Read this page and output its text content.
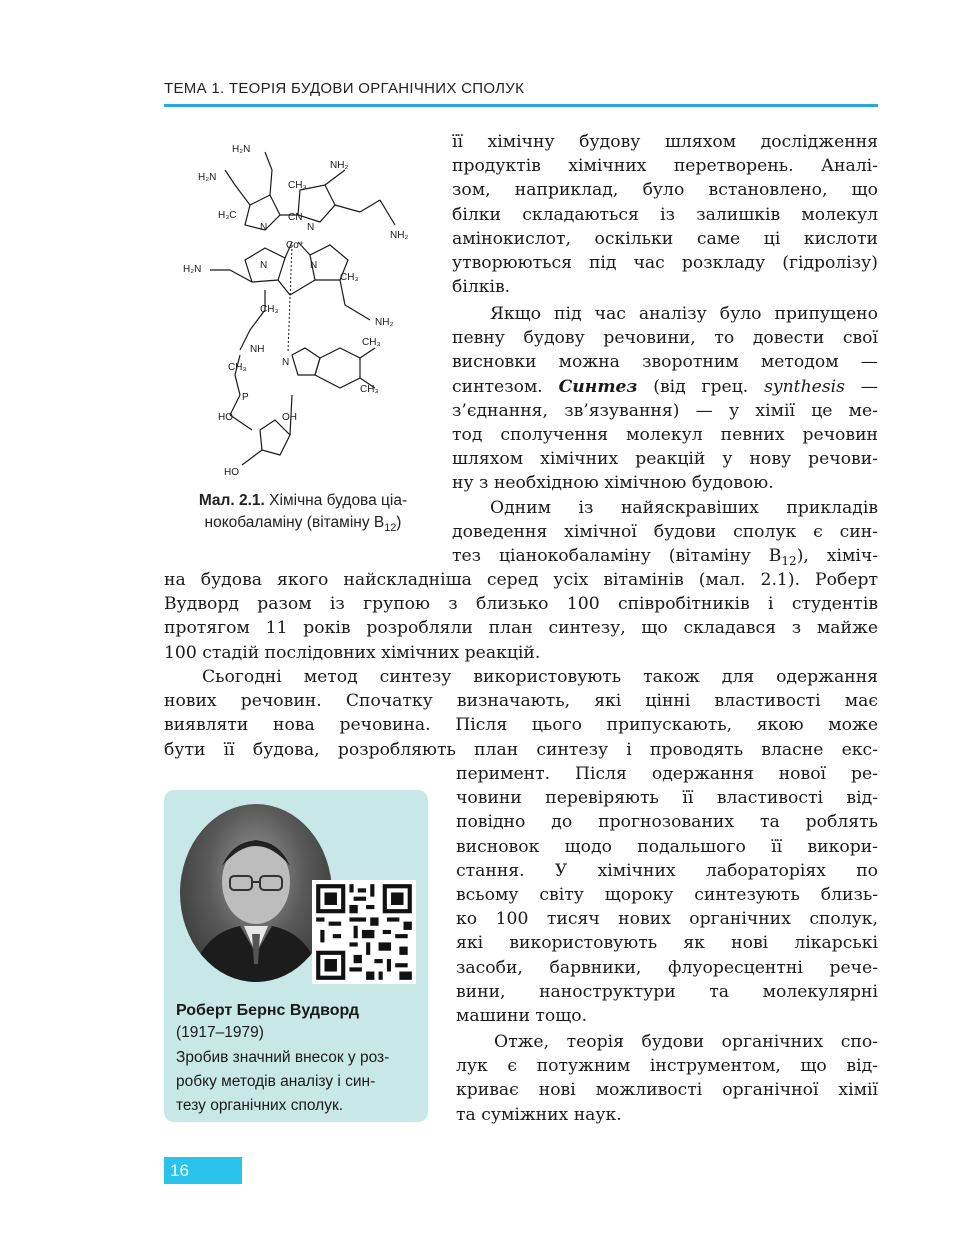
ТЕМА 1. ТЕОРІЯ БУДОВИ ОРГАНІЧНИХ СПОЛУК
H₂N
H₂N
NH₂
NH₂
H₂N
NH₂
CH₃
H₃C
CH₃
CH₃
CN
Co⁺
N	N
N	N
NH
CH₃
P
HO	OH
HO
CH₃
CH₃
N
Мал. 2.1. Хімічна будова ціа-
нокобаламіну (вітаміну $B_{12}$)
її хімічну будову шляхом дослідження
продуктів хімічних перетворень. Аналі-
зом, наприклад, було встановлено, що
білки складаються із залишків молекул
амінокислот, оскільки саме ці кислоти
утворюються під час розкладу (гідролізу)
білків.
Якщо під час аналізу було припущено
певну будову речовини, то довести свої
висновки можна зворотним методом —
синтезом. Синтез (від грец. synthesis —
з’єднання, зв’язування) — у хімії це ме-
тод сполучення молекул певних речовин
шляхом хімічних реакцій у нову речови-
ну з необхідною хімічною будовою.
Одним із найяскравіших прикладів
доведення хімічної будови сполук є син-
тез ціанокобаламіну (вітаміну $B_{12}$), хіміч-
на будова якого найскладніша серед усіх вітамінів (мал. 2.1). Роберт
Вудворд разом із групою з близько 100 співробітників і студентів
протягом 11 років розробляли план синтезу, що складався з майже
100 стадій послідовних хімічних реакцій.
Сьогодні метод синтезу використовують також для одержання
нових речовин. Спочатку визначають, які цінні властивості має
виявляти нова речовина. Після цього припускають, якою може
бути її будова, розробляють план синтезу і проводять власне екс-
перимент. Після одержання нової ре-
човини перевіряють її властивості від-
повідно до прогнозованих та роблять
висновок щодо подальшого її викори-
стання. У хімічних лабораторіях по
всьому світу щороку синтезують близь-
ко 100 тисяч нових органічних сполук,
які використовують як нові лікарські
засоби, барвники, флуоресцентні рече-
вини, наноструктури та молекулярні
машини тощо.
Отже, теорія будови органічних спо-
лук є потужним інструментом, що від-
криває нові можливості органічної хімії
та суміжних наук.
Роберт Бернс Вудворд
(1917–1979)
Зробив значний внесок у роз-
робку методів аналізу і син-
тезу органічних сполук.
16
